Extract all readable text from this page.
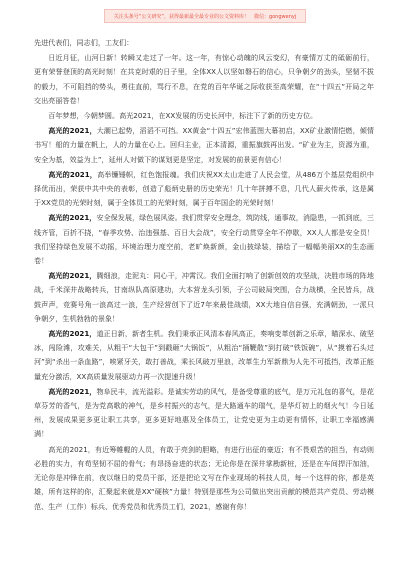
关注头条号“公文研究”，获得最新最全最专业的公文资料库！　微信：gongwenyj

先进代表们，同志们，工友们：

日近月征，山河日新！转瞬又走过了一年。这一年，有惊心动魄的风云变幻，有豪情万丈的砥砺前行，更有荣誉登顶的高光时刻！在共克时艰的日子里，全体XX人以坚如磐石的信心，只争朝夕的劲头，坚韧不拔的毅力，不可阻挡的势头，勇往直前，骂行不息，在党的百年华诞之际收获至高荣耀，在“十四五”开局之年交出亮丽答卷！

百年梦想，今朝梦圆。高光2021，在XX发展的历史长河中，标注下了新的历史方位。

高光的2021，大潮已起势，滔滔不可挡。XX黄金“十四五”宏伟蓝图大幕初启，XX矿业激情恺燃，倾情书写！船的力量在帆上，人的力量在心上。回归主业，正本清源，重振旗鼓再出发。“矿业为主，资源为重，安全为基，效益为上”，延州人对做下的谋划更是坚定，对发展的前景更有信心！

高光的2021，高举镰锤帜，红色饱报魂。我们庆祝XX太山走进了人民会堂，从486万个基层党组织中择优而出，荣获中共中央的表彰，创造了彪炳史册的历史荣光！几十年拼搏不息，几代人薪火传承，这是属于XX党员的光荣时刻，属于全体员工的光荣时刻，属于百年国企的光荣时刻！

高光的2021，安全保发展，绿色展风姿。我们贯穿安全理念，筑防线，通事故，消隐患，一抓到底，三线齐管，百折不挠，“春季攻势、治违强基、百日大会战”，安全行动贯穿全年不停歇，XX人人都是安全员！我们坚持绿色发展不动摇，坏境治理力度空前，老旷焕新颜，金山披绿装，描绘了一幅幅美丽XX的生态画卷！

高光的2021，腾细浪，走泥丸：同心干，冲霄汉。我们全面打响了创新创效的攻坚战，决胜市场的阵地战，千米深井战略转兵，甘南纵队高原建功，大本营龙头引领，子公司破局突围，合力战横，全民皆兵，战鼓声声，竞赛号角一浪高过一浪，生产经营创下了近7年来最佳战绩，XX大地自信自强，充满朝劲，一派只争朝夕，生机勃勃的景象！

高光的2021，道正日新，新者生机。我们秉承正风清本春风高正，奏响变革创新之乐章，瞄深水、破坚冰，闯险滩，攻难关，从粗干“大包干”到戳砸“大锅饭”，从粗治“捅鞭散”到打破“铁饭碗”，从“摸着石头过河”到“杀出一条血路”，唉紧牙关，敢打善战，乘长风破万里浪，改革生力军新鼎为人先不可抵挡，改革正能量充分激活，XX高质量发展驱动力再一次提速升级！

高光的2021，物阜民丰，流光溢彩。是诚实劳动的风气，是备受尊重的底气，是万元礼包的喜气，是花草芬芳的香气，是为党高歌的神气，是乡村振兴的志气，是大路通车的瑞气，是华灯初上的烟火气！今日延州，发展成果更多更让职工共享，更多更好地惠及全体员工，让党史更为主动更有情怀，让职工幸福感满满！

高光的2021，有近筹帷幄的人员，有敢于亮剑的胆略，有进行出征的豪迈；有不畏艰苦的担当，有动则必胜的实力，有苟坚韧不屈的骨气；有昂扬奋进的状态；无论你是在深井掌勘新桩，还是在车间捍汗加油，无论你是冲锋在前，夜以继日的党员干部，还是把论文写在作业现场的科技人员，每一个这样的你，都是英雄，所有这样的你，汇聚起来就是XX“硬核”力量！特别是那些为公司做出突出贡献的模范共产党员、劳动模范、生产（工作）标兵、优秀党员和优秀员工们，2021，感谢有你！
